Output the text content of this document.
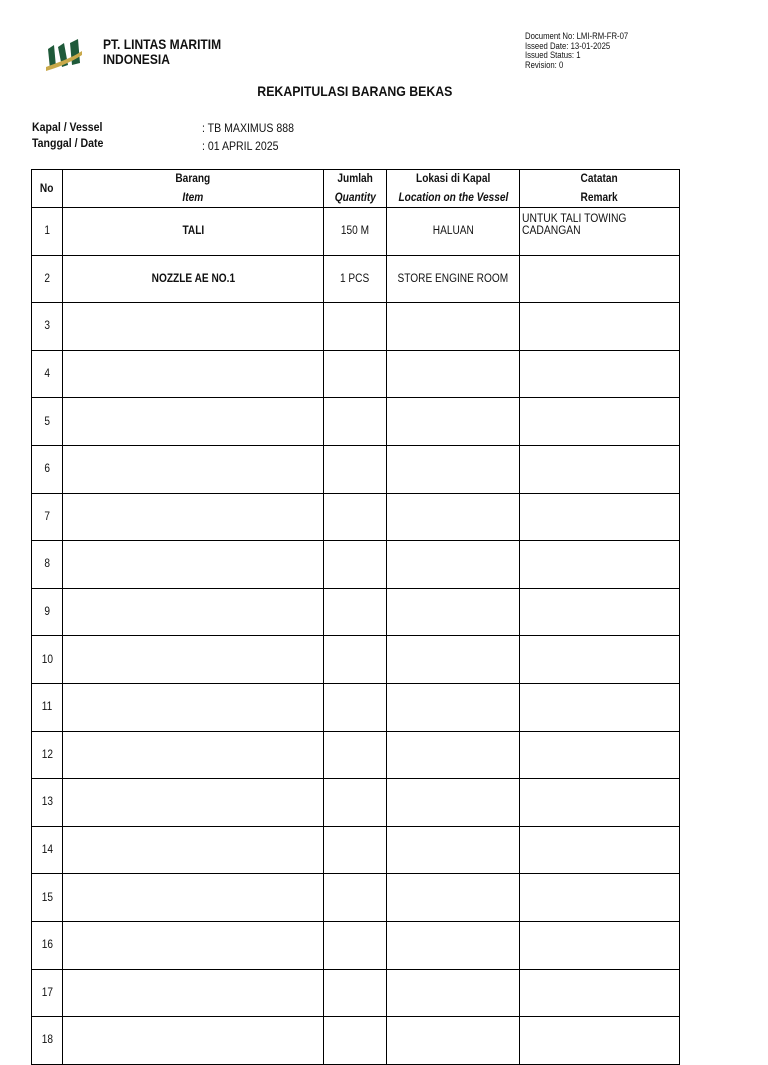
PT. LINTAS MARITIM
INDONESIA
Document No: LMI-RM-FR-07
Isseed Date: 13-01-2025
Issued Status: 1
Revision: 0
REKAPITULASI BARANG BEKAS
Kapal / Vessel	: TB MAXIMUS 888
Tanggal / Date	: 01 APRIL 2025
No	Barang	Jumlah	Lokasi di Kapal	Catatan
	Item	Quantity	Location on the Vessel	Remark
1	TALI	150 M	HALUAN	UNTUK TALI TOWING CADANGAN
2	NOZZLE AE NO.1	1 PCS	STORE ENGINE ROOM	
3				
4				
5				
6				
7				
8				
9				
10				
11				
12				
13				
14				
15				
16				
17				
18				
